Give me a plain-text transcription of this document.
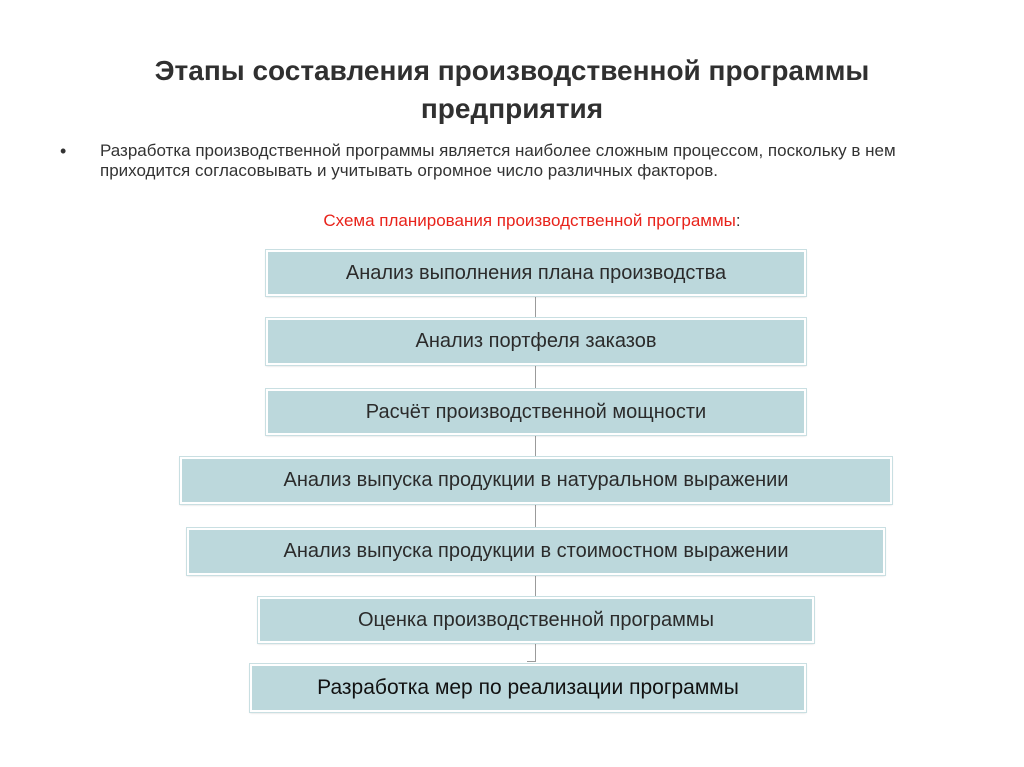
Этапы составления производственной программы
предприятия
• Разработка производственной программы является наиболее сложным процессом, поскольку в нем приходится согласовывать и учитывать огромное число различных факторов.

Схема планирования производственной программы:

Анализ выполнения плана производства
Анализ портфеля заказов
Расчёт производственной мощности
Анализ выпуска продукции в натуральном выражении
Анализ выпуска продукции в стоимостном выражении
Оценка производственной программы
Разработка мер по реализации программы
